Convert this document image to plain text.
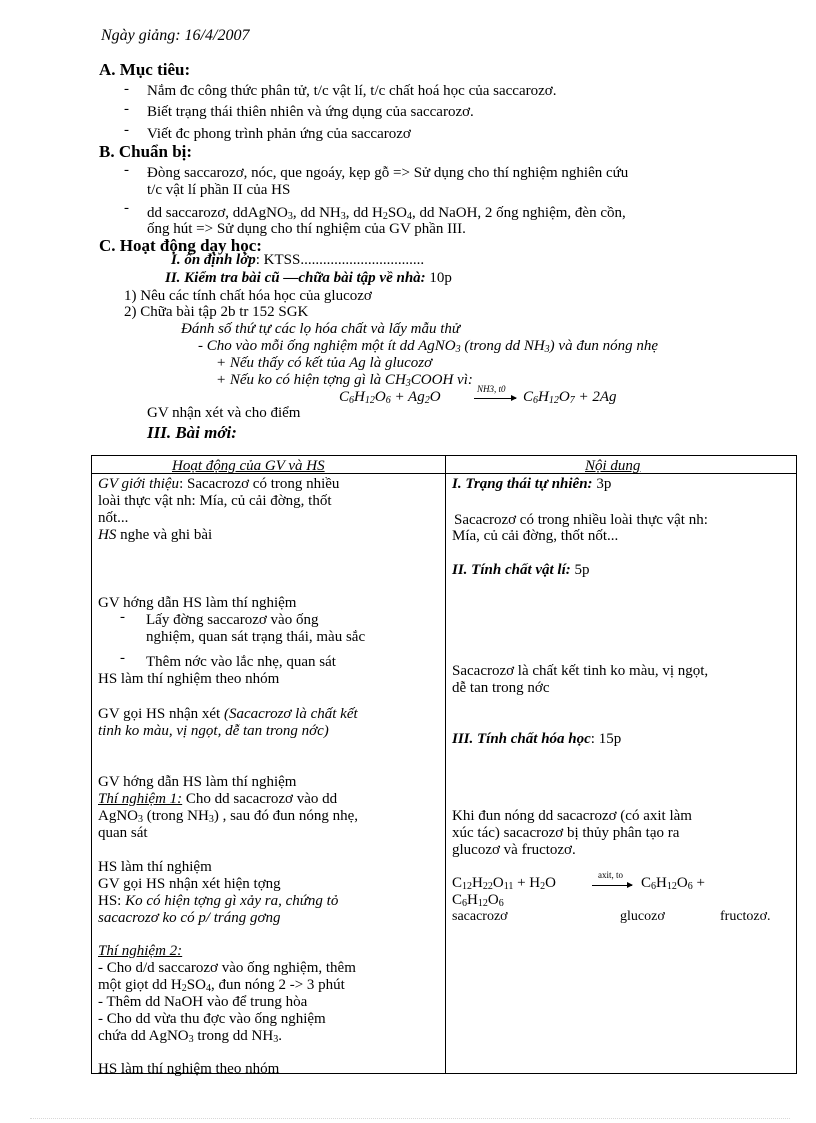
Ngày giảng: 16/4/2007
A. Mục tiêu:
- Nắm đc công thức phân tử, t/c vật lí, t/c chất hoá học của saccarozơ.
- Biết trạng thái thiên nhiên và ứng dụng của saccarozơ.
- Viết đc phong trình phản ứng của saccarozơ
B. Chuẩn bị:
- Đòng saccarozơ, nóc, que ngoáy, kẹp gỗ => Sử dụng cho thí nghiệm nghiên cứu
t/c vật lí phần II của HS
- dd saccarozơ, ddAgNO$_3$, dd $NH_3$, dd $H_2SO_4$, dd NaOH, 2 ống nghiệm, đèn cồn,
ống hút => Sử dụng cho thí nghiệm của GV phần III.
C. Hoạt động dạy học:
I. ổn định lớp: KTSS.................................
II. Kiểm tra bài cũ —chữa bài tập về nhà: 10p
1) Nêu các tính chất hóa học của glucozơ
2) Chữa bài tập 2b tr 152 SGK
Đánh số thứ tự các lọ hóa chất và lấy mẫu thử
- Cho vào mỗi ống nghiệm một ít dd AgNO$_3$ (trong dd $NH_3$) và đun nóng nhẹ
+ Nếu thấy có kết tủa Ag là glucozơ
+ Nếu ko có hiện tợng gì là $CH_3COOH$ vì:
$C_6H_{12}O_6 + Ag_2O$	NH3, $t0 \to C_6H_{12}O_7 + 2Ag$
GV nhận xét và cho điểm
III. Bài mới:
Hoạt động của GV và HS	Nội dung
GV giới thiệu: Sacacrozơ có trong nhiều
loài thực vật nh: Mía, củ cải đờng, thốt
nốt...
HS nghe và ghi bài
GV hớng dẫn HS làm thí nghiệm
- Lấy đờng saccarozơ vào ống
nghiệm, quan sát trạng thái, màu sắc
- Thêm nớc vào lắc nhẹ, quan sát
HS làm thí nghiệm theo nhóm
GV gọi HS nhận xét (Sacacrozơ là chất kết
tinh ko màu, vị ngọt, dễ tan trong nớc)
GV hớng dẫn HS làm thí nghiệm
Thí nghiệm 1: Cho dd sacacrozơ vào dd
AgNO$_3$ (trong $NH_3$) , sau đó đun nóng nhẹ,
quan sát
HS làm thí nghiệm
GV gọi HS nhận xét hiện tợng
HS: Ko có hiện tợng gì xảy ra, chứng tỏ
sacacrozơ ko có p/ tráng gơng
Thí nghiệm 2:
- Cho d/d saccarozơ vào ống nghiệm, thêm
một giọt dd $H_2SO_4$, đun nóng 2 -> 3 phút
- Thêm dd NaOH vào để trung hòa
- Cho dd vừa thu đợc vào ống nghiệm
chứa dd AgNO$_3$ trong dd $NH_3$.
HS làm thí nghiệm theo nhóm
I. Trạng thái tự nhiên: 3p
Sacacrozơ có trong nhiều loài thực vật nh:
Mía, củ cải đờng, thốt nốt...
II. Tính chất vật lí: 5p
Sacacrozơ là chất kết tinh ko màu, vị ngọt,
dễ tan trong nớc
III. Tính chất hóa học: 15p
Khi đun nóng dd sacacrozơ (có axit làm
xúc tác) sacacrozơ bị thủy phân tạo ra
glucozơ và fructozơ.
$C_{12}H_{22}O_{11} + H_2O$	axit, to → $C_6H_{12}O_6$ +
$C_6H_{12}O_6$
sacacrozơ	glucozơ	fructozơ.
